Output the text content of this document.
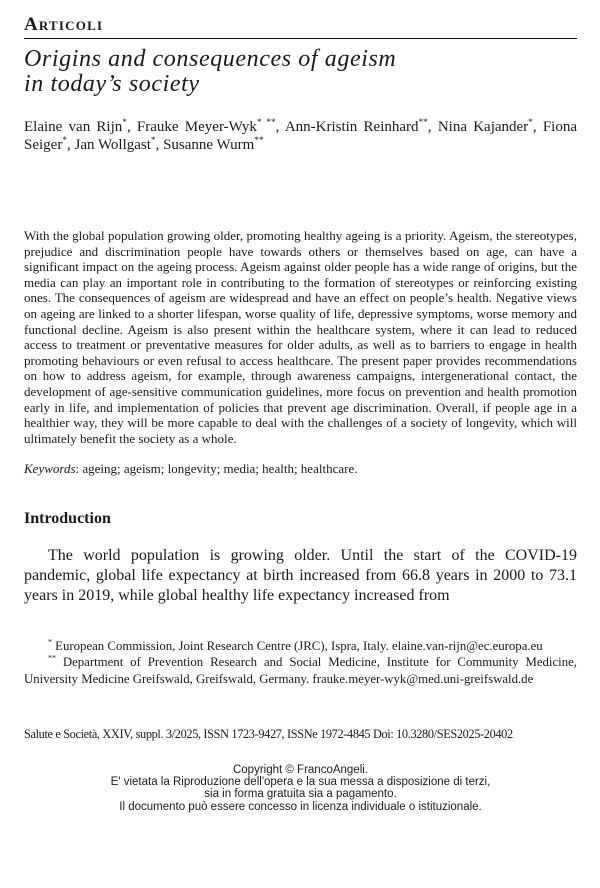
Articoli
Origins and consequences of ageism
in today’s society

Elaine van Rijn*, Frauke Meyer-Wyk* **, Ann-Kristin Reinhard**, Nina Kajander*, Fiona Seiger*, Jan Wollgast*, Susanne Wurm**

With the global population growing older, promoting healthy ageing is a priority. Ageism, the stereotypes, prejudice and discrimination people have towards others or themselves based on age, can have a significant impact on the ageing process. Ageism against older people has a wide range of origins, but the media can play an important role in contributing to the formation of stereotypes or reinforcing existing ones. The consequences of ageism are widespread and have an effect on people’s health. Negative views on ageing are linked to a shorter lifespan, worse quality of life, depressive symptoms, worse memory and functional decline. Ageism is also present within the healthcare system, where it can lead to reduced access to treatment or preventative measures for older adults, as well as to barriers to engage in health promoting behaviours or even refusal to access healthcare. The present paper provides recommendations on how to address ageism, for example, through awareness campaigns, intergenerational contact, the development of age-sensitive communication guidelines, more focus on prevention and health promotion early in life, and implementation of policies that prevent age discrimination. Overall, if people age in a healthier way, they will be more capable to deal with the challenges of a society of longevity, which will ultimately benefit the society as a whole.

Keywords: ageing; ageism; longevity; media; health; healthcare.

Introduction

The world population is growing older. Until the start of the COVID-19 pandemic, global life expectancy at birth increased from 66.8 years in 2000 to 73.1 years in 2019, while global healthy life expectancy increased from

* European Commission, Joint Research Centre (JRC), Ispra, Italy. elaine.van-rijn@ec.europa.eu

** Department of Prevention Research and Social Medicine, Institute for Community Medicine, University Medicine Greifswald, Greifswald, Germany. frauke.meyer-wyk@med.uni-greifswald.de

Salute e Società, XXIV, suppl. 3/2025, ISSN 1723-9427, ISSNe 1972-4845 Doi: 10.3280/SES2025-20402

Copyright © FrancoAngeli.
E' vietata la Riproduzione dell'opera e la sua messa a disposizione di terzi,
sia in forma gratuita sia a pagamento.
Il documento può essere concesso in licenza individuale o istituzionale.
